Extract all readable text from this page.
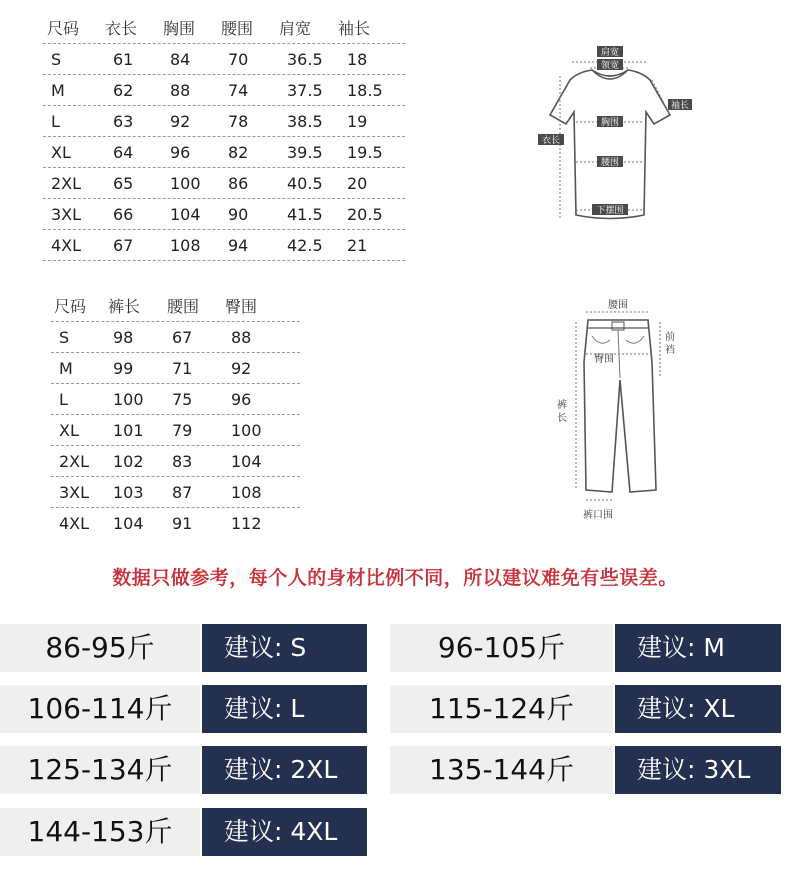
尺码 衣长 胸围 腰围 肩宽 袖长
S	61 84 70 36.5 18
M	62 88 74 37.5 18.5
L	63 92 78 38.5 19
XL	64 96 82 39.5 19.5
2XL 65 100 86 40.5 20
3XL 66 104 90 41.5 20.5
4XL 67 108 94 42.5 21
肩宽
领宽
袖长
胸围
衣长
腰围
下摆围
尺码 裤长 腰围 臀围
S	98 67 88
M	99 71 92
L	100 75 96
XL 101 79 100
2XL 102 83 104
3XL 103 87 108
4XL 104 91 112
腰围
前
裆
臀围
裤
长
裤口围
数据只做参考，每个人的身材比例不同，所以建议难免有些误差。
86-95斤	建议: S	96-105斤	建议: M
106-114斤	建议: L	115-124斤	建议: XL
125-134斤	建议: 2XL	135-144斤	建议: 3XL
144-153斤	建议: 4XL
